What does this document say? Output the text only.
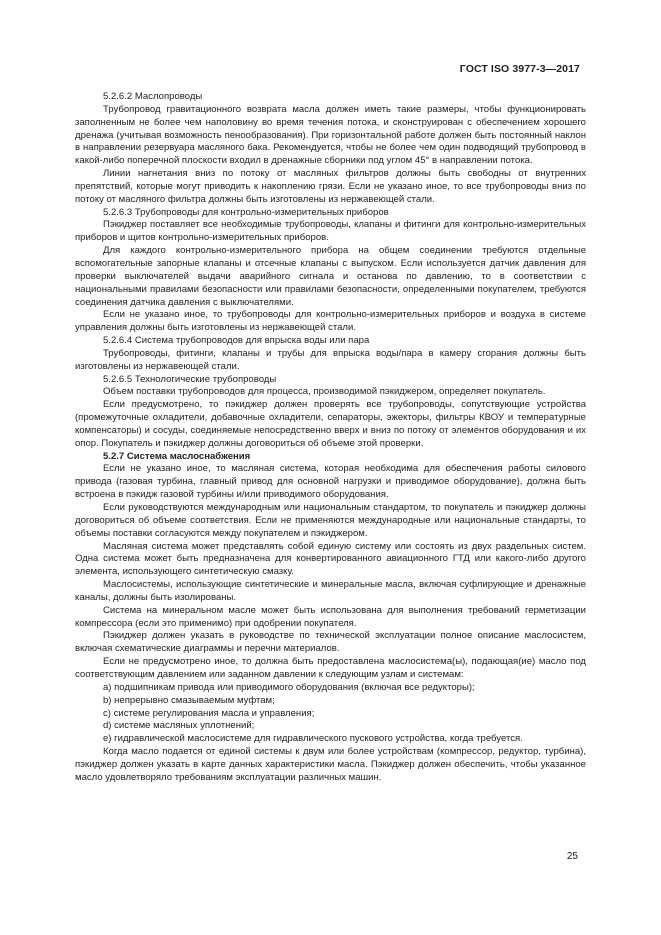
ГОСТ ISO 3977-3—2017

5.2.6.2 Маслопроводы

Трубопровод гравитационного возврата масла должен иметь такие размеры, чтобы функционировать заполненным не более чем наполовину во время течения потока, и сконструирован с обеспечением хорошего дренажа (учитывая возможность пенообразования). При горизонтальной работе должен быть постоянный наклон в направлении резервуара масляного бака. Рекомендуется, чтобы не более чем один подводящий трубопровод в какой-либо поперечной плоскости входил в дренажные сборники под углом 45° в направлении потока.

Линии нагнетания вниз по потоку от масляных фильтров должны быть свободны от внутренних препятствий, которые могут приводить к накоплению грязи. Если не указано иное, то все трубопроводы вниз по потоку от масляного фильтра должны быть изготовлены из нержавеющей стали.

5.2.6.3 Трубопроводы для контрольно-измерительных приборов

Пэкиджер поставляет все необходимые трубопроводы, клапаны и фитинги для контрольно-измерительных приборов и щитов контрольно-измерительных приборов.

Для каждого контрольно-измерительного прибора на общем соединении требуются отдельные вспомогательные запорные клапаны и отсечные клапаны с выпуском. Если используется датчик давления для проверки выключателей выдачи аварийного сигнала и останова по давлению, то в соответствии с национальными правилами безопасности или правилами безопасности, определенными покупателем, требуются соединения датчика давления с выключателями.

Если не указано иное, то трубопроводы для контрольно-измерительных приборов и воздуха в системе управления должны быть изготовлены из нержавеющей стали.

5.2.6.4 Система трубопроводов для впрыска воды или пара

Трубопроводы, фитинги, клапаны и трубы для впрыска воды/пара в камеру сгорания должны быть изготовлены из нержавеющей стали.

5.2.6.5 Технологические трубопроводы

Объем поставки трубопроводов для процесса, производимой пэкиджером, определяет покупатель.

Если предусмотрено, то пэкиджер должен проверять все трубопроводы, сопутствующие устройства (промежуточные охладители, добавочные охладители, сепараторы, эжекторы, фильтры КВОУ и температурные компенсаторы) и сосуды, соединяемые непосредственно вверх и вниз по потоку от элементов оборудования и их опор. Покупатель и пэкиджер должны договориться об объеме этой проверки.

5.2.7 Система маслоснабжения

Если не указано иное, то масляная система, которая необходима для обеспечения работы силового привода (газовая турбина, главный привод для основной нагрузки и приводимое оборудование), должна быть встроена в пэкидж газовой турбины и/или приводимого оборудования.

Если руководствуются международным или национальным стандартом, то покупатель и пэкиджер должны договориться об объеме соответствия. Если не применяются международные или национальные стандарты, то объемы поставки согласуются между покупателем и пэкиджером.

Масляная система может представлять собой единую систему или состоять из двух раздельных систем. Одна система может быть предназначена для конвертированного авиационного ГТД или какого-либо другого элемента, использующего синтетическую смазку.

Маслосистемы, использующие синтетические и минеральные масла, включая суфлирующие и дренажные каналы, должны быть изолированы.

Система на минеральном масле может быть использована для выполнения требований герметизации компрессора (если это применимо) при одобрении покупателя.

Пэкиджер должен указать в руководстве по технической эксплуатации полное описание маслосистем, включая схематические диаграммы и перечни материалов.

Если не предусмотрено иное, то должна быть предоставлена маслосистема(ы), подающая(ие) масло под соответствующим давлением или заданном давлении к следующим узлам и системам:

a) подшипникам привода или приводимого оборудования (включая все редукторы);

b) непрерывно смазываемым муфтам;

c) системе регулирования масла и управления;

d) системе масляных уплотнений;

e) гидравлической маслосистеме для гидравлического пускового устройства, когда требуется.

Когда масло подается от единой системы к двум или более устройствам (компрессор, редуктор, турбина), пэкиджер должен указать в карте данных характеристики масла. Пэкиджер должен обеспечить, чтобы указанное масло удовлетворяло требованиям эксплуатации различных машин.

25
